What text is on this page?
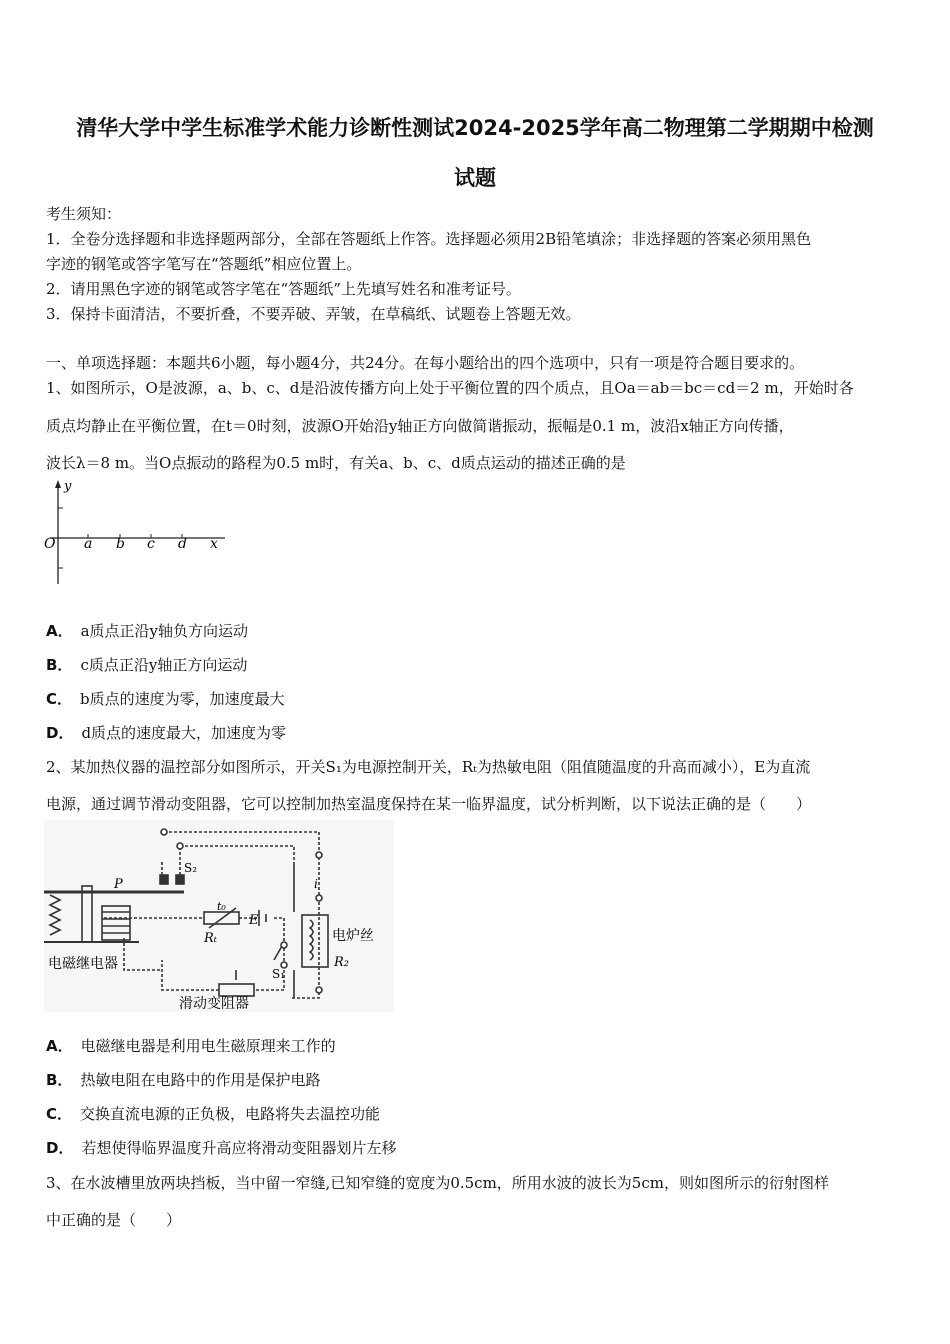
清华大学中学生标准学术能力诊断性测试2024-2025学年高二物理第二学期期中检测
试题
考生须知：
1．全卷分选择题和非选择题两部分，全部在答题纸上作答。选择题必须用2B铅笔填涂；非选择题的答案必须用黑色
字迹的钢笔或答字笔写在“答题纸”相应位置上。
2．请用黑色字迹的钢笔或答字笔在“答题纸”上先填写姓名和准考证号。
3．保持卡面清洁，不要折叠，不要弄破、弄皱，在草稿纸、试题卷上答题无效。
一、单项选择题：本题共6小题，每小题4分，共24分。在每小题给出的四个选项中，只有一项是符合题目要求的。
1、如图所示，O是波源，a、b、c、d是沿波传播方向上处于平衡位置的四个质点，且Oa＝ab＝bc＝cd＝2 m，开始时各
质点均静止在平衡位置，在t＝0时刻，波源O开始沿y轴正方向做简谐振动，振幅是0.1 m，波沿x轴正方向传播，
波长λ＝8 m。当O点振动的路程为0.5 m时，有关a、b、c、d质点运动的描述正确的是
y
O a b c d x
A． a质点正沿y轴负方向运动
B． c质点正沿y轴正方向运动
C． b质点的速度为零，加速度最大
D． d质点的速度最大，加速度为零
2、某加热仪器的温控部分如图所示，开关S₁为电源控制开关，Rₜ为热敏电阻（阻值随温度的升高而减小），E为直流
电源，通过调节滑动变阻器，它可以控制加热室温度保持在某一临界温度，试分析判断，以下说法正确的是（　　）
P
S₂
t₀
Rₜ
E
S₁
i
电炉丝
R₂
电磁继电器
滑动变阻器
A． 电磁继电器是利用电生磁原理来工作的
B． 热敏电阻在电路中的作用是保护电路
C． 交换直流电源的正负极，电路将失去温控功能
D． 若想使得临界温度升高应将滑动变阻器划片左移
3、在水波槽里放两块挡板，当中留一窄缝,已知窄缝的宽度为0.5cm，所用水波的波长为5cm，则如图所示的衍射图样
中正确的是（　　）
